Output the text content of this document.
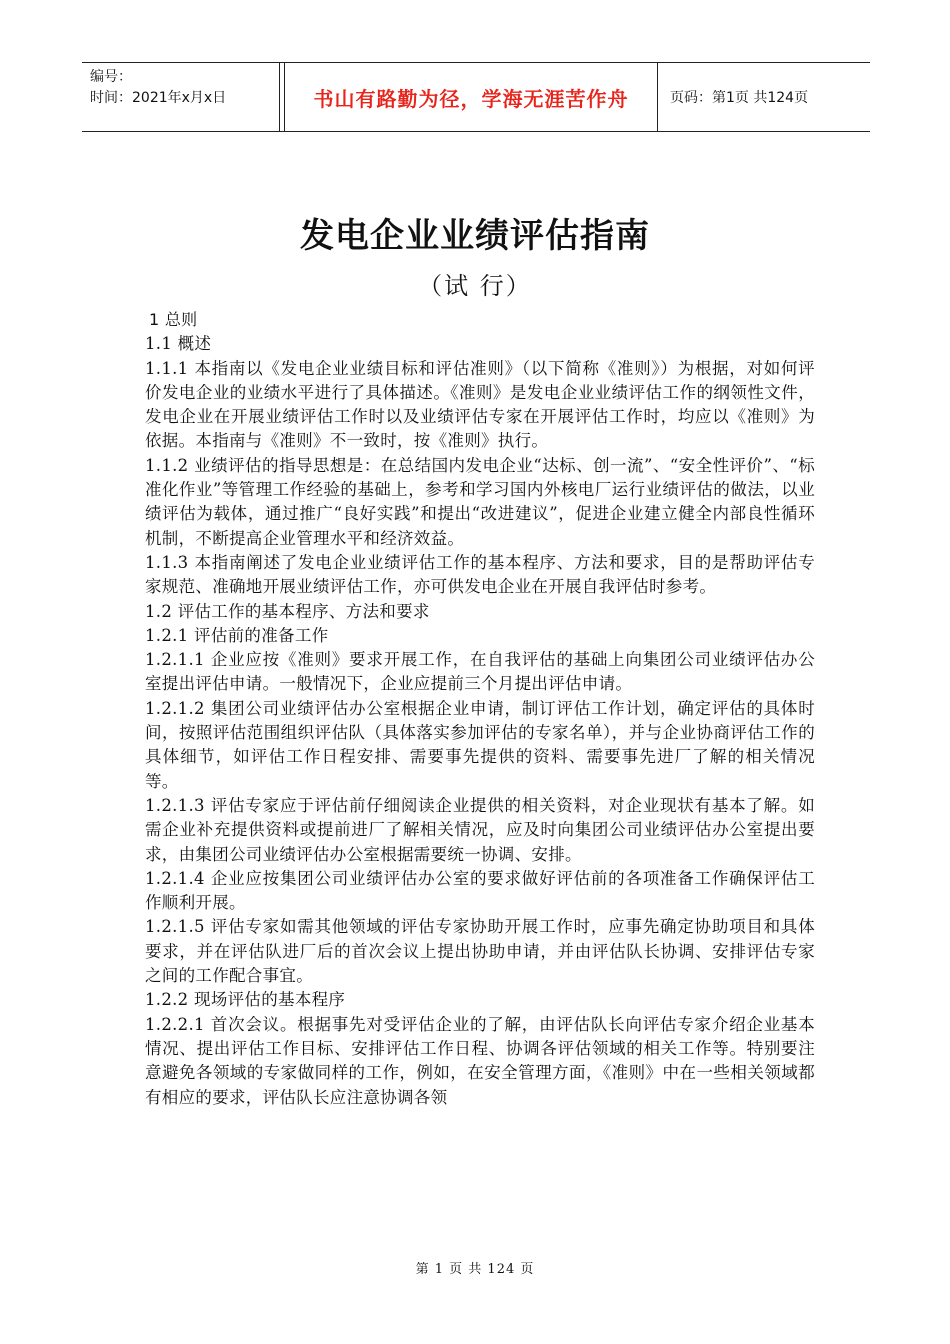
编号：
时间：2021年x月x日	书山有路勤为径，学海无涯苦作舟	页码：第1页 共124页
发电企业业绩评估指南
（试 行）

1 总则

1.1 概述

1.1.1 本指南以《发电企业业绩目标和评估准则》（以下简称《准则》）为根据，对如何评价发电企业的业绩水平进行了具体描述。《准则》是发电企业业绩评估工作的纲领性文件，发电企业在开展业绩评估工作时以及业绩评估专家在开展评估工作时，均应以《准则》为依据。本指南与《准则》不一致时，按《准则》执行。

1.1.2 业绩评估的指导思想是：在总结国内发电企业“达标、创一流”、“安全性评价”、“标准化作业”等管理工作经验的基础上，参考和学习国内外核电厂运行业绩评估的做法，以业绩评估为载体，通过推广“良好实践”和提出“改进建议”，促进企业建立健全内部良性循环机制，不断提高企业管理水平和经济效益。

1.1.3 本指南阐述了发电企业业绩评估工作的基本程序、方法和要求，目的是帮助评估专家规范、准确地开展业绩评估工作，亦可供发电企业在开展自我评估时参考。

1.2 评估工作的基本程序、方法和要求

1.2.1 评估前的准备工作

1.2.1.1 企业应按《准则》要求开展工作，在自我评估的基础上向集团公司业绩评估办公室提出评估申请。一般情况下，企业应提前三个月提出评估申请。

1.2.1.2 集团公司业绩评估办公室根据企业申请，制订评估工作计划，确定评估的具体时间，按照评估范围组织评估队（具体落实参加评估的专家名单），并与企业协商评估工作的具体细节，如评估工作日程安排、需要事先提供的资料、需要事先进厂了解的相关情况等。

1.2.1.3 评估专家应于评估前仔细阅读企业提供的相关资料，对企业现状有基本了解。如需企业补充提供资料或提前进厂了解相关情况，应及时向集团公司业绩评估办公室提出要求，由集团公司业绩评估办公室根据需要统一协调、安排。

1.2.1.4 企业应按集团公司业绩评估办公室的要求做好评估前的各项准备工作确保评估工作顺利开展。

1.2.1.5 评估专家如需其他领域的评估专家协助开展工作时，应事先确定协助项目和具体要求，并在评估队进厂后的首次会议上提出协助申请，并由评估队长协调、安排评估专家之间的工作配合事宜。

1.2.2 现场评估的基本程序

1.2.2.1 首次会议。根据事先对受评估企业的了解，由评估队长向评估专家介绍企业基本情况、提出评估工作目标、安排评估工作日程、协调各评估领域的相关工作等。特别要注意避免各领域的专家做同样的工作，例如，在安全管理方面，《准则》中在一些相关领域都有相应的要求，评估队长应注意协调各领

第 1 页 共 124 页
